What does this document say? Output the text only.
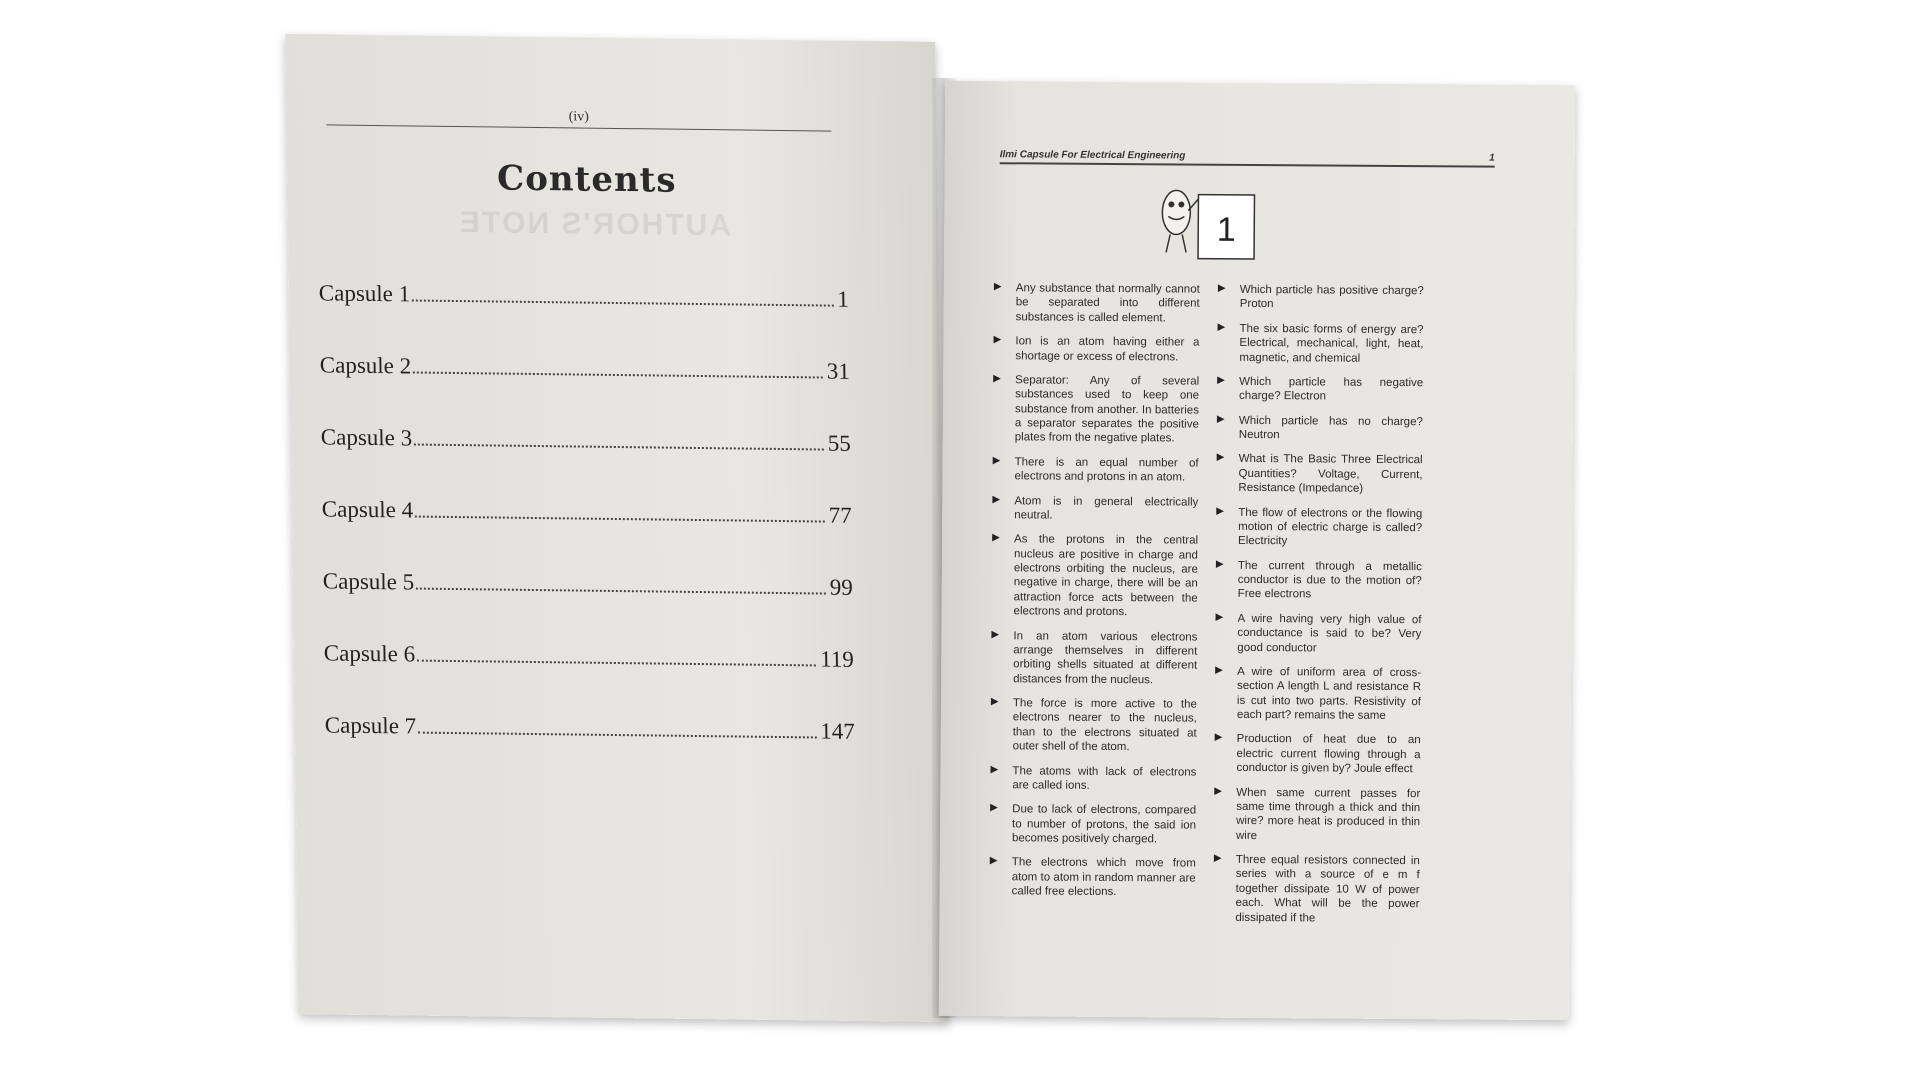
AUTHOR'S NOTE
(iv)
Contents
Capsule 1	1
Capsule 2	31
Capsule 3	55
Capsule 4	77
Capsule 5	99
Capsule 6	119
Capsule 7	147
Ilmi Capsule For Electrical Engineering	1
1
▶	Any substance that normally cannot be separated into different substances is called element.
▶	Ion is an atom having either a shortage or excess of electrons.
▶	Separator: Any of several substances used to keep one substance from another. In batteries a separator separates the positive plates from the negative plates.
▶	There is an equal number of electrons and protons in an atom.
▶	Atom is in general electrically neutral.
▶	As the protons in the central nucleus are positive in charge and electrons orbiting the nucleus, are negative in charge, there will be an attraction force acts between the electrons and protons.
▶	In an atom various electrons arrange themselves in different orbiting shells situated at different distances from the nucleus.
▶	The force is more active to the electrons nearer to the nucleus, than to the electrons situated at outer shell of the atom.
▶	The atoms with lack of electrons are called ions.
▶	Due to lack of electrons, compared to number of protons, the said ion becomes positively charged.
▶	The electrons which move from atom to atom in random manner are called free elections.
▶	Which particle has positive charge? Proton
▶	The six basic forms of energy are? Electrical, mechanical, light, heat, magnetic, and chemical
▶	Which particle has negative charge? Electron
▶	Which particle has no charge? Neutron
▶	What is The Basic Three Electrical Quantities? Voltage, Current, Resistance (Impedance)
▶	The flow of electrons or the flowing motion of electric charge is called? Electricity
▶	The current through a metallic conductor is due to the motion of? Free electrons
▶	A wire having very high value of conductance is said to be? Very good conductor
▶	A wire of uniform area of cross-section A length L and resistance R is cut into two parts. Resistivity of each part? remains the same
▶	Production of heat due to an electric current flowing through a conductor is given by? Joule effect
▶	When same current passes for same time through a thick and thin wire? more heat is produced in thin wire
▶	Three equal resistors connected in series with a source of e m f together dissipate 10 W of power each. What will be the power dissipated if the
